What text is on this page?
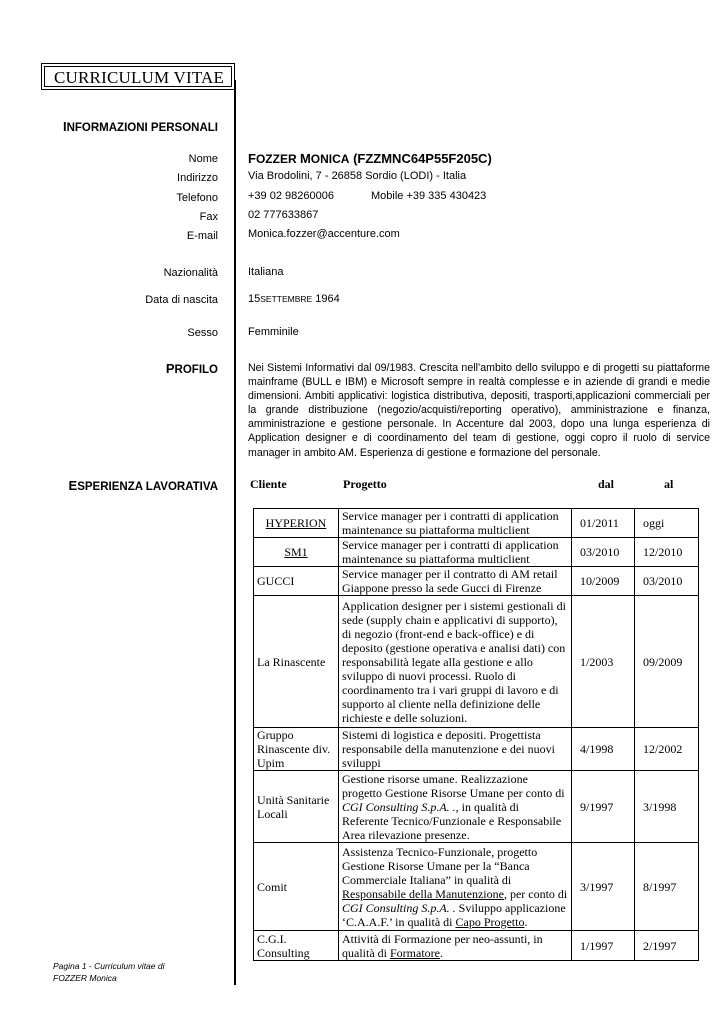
CURRICULUM VITAE
INFORMAZIONI PERSONALI
Nome FOZZER MONICA (FZZMNC64P55F205C)
Indirizzo	Via Brodolini, 7 - 26858 Sordio (LODI) - Italia
Telefono	+39 02 98260006	Mobile +39 335 430423
Fax	02 777633867
E-mail	Monica.fozzer@accenture.com
Nazionalità	Italiana
Data di nascita	15SETTEMBRE 1964
Sesso	Femminile
PROFILO	Nei Sistemi Informativi dal 09/1983. Crescita nell’ambito dello sviluppo e di progetti su piattaforme mainframe (BULL e IBM) e Microsoft sempre in realtà complesse e in aziende di grandi e medie dimensioni. Ambiti applicativi: logistica distributiva, depositi, trasporti,applicazioni commerciali per la grande distribuzione (negozio/acquisti/reporting operativo), amministrazione e finanza, amministrazione e gestione personale. In Accenture dal 2003, dopo una lunga esperienza di Application designer e di coordinamento del team di gestione, oggi copro il ruolo di service manager in ambito AM. Esperienza di gestione e formazione del personale.
ESPERIENZA LAVORATIVA	Cliente	Progetto	dal	al
HYPERION	Service manager per i contratti di application maintenance su piattaforma multiclient	01/2011	oggi
SM1	Service manager per i contratti di application maintenance su piattaforma multiclient	03/2010	12/2010
GUCCI	Service manager per il contratto di AM retail Giappone presso la sede Gucci di Firenze	10/2009	03/2010
La Rinascente	Application designer per i sistemi gestionali di sede (supply chain e applicativi di supporto), di negozio (front-end e back-office) e di deposito (gestione operativa e analisi dati) con responsabilità legate alla gestione e allo sviluppo di nuovi processi. Ruolo di coordinamento tra i vari gruppi di lavoro e di supporto al cliente nella definizione delle richieste e delle soluzioni.	1/2003	09/2009
Gruppo Rinascente div. Upim	Sistemi di logistica e depositi. Progettista responsabile della manutenzione e dei nuovi sviluppi	4/1998	12/2002
Unità Sanitarie Locali	Gestione risorse umane. Realizzazione progetto Gestione Risorse Umane per conto di CGI Consulting S.p.A. ., in qualità di Referente Tecnico/Funzionale e Responsabile Area rilevazione presenze.	9/1997	3/1998
Comit	Assistenza Tecnico-Funzionale, progetto Gestione Risorse Umane per la “Banca Commerciale Italiana” in qualità di Responsabile della Manutenzione, per conto di CGI Consulting S.p.A. . Sviluppo applicazione ‘C.A.A.F.’ in qualità di Capo Progetto.	3/1997	8/1997
C.G.I. Consulting	Attività di Formazione per neo-assunti, in qualità di Formatore.	1/1997	2/1997
Pagina 1 - Curriculum vitae di
FOZZER Monica
